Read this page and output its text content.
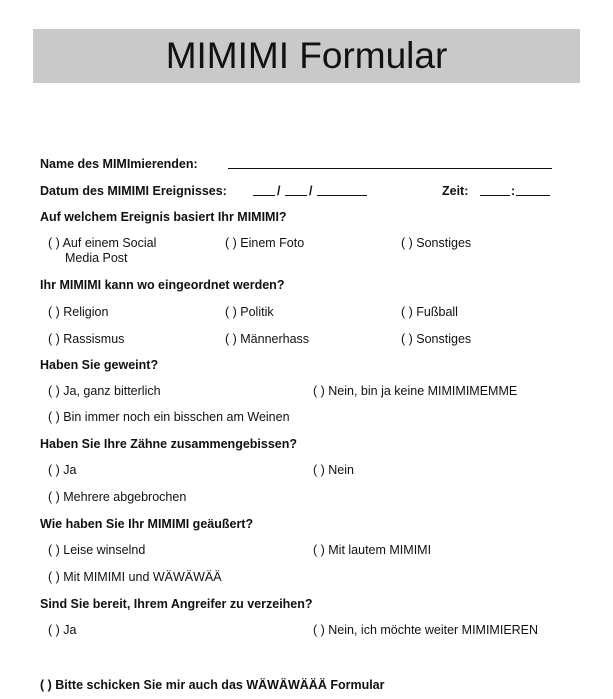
MIMIMI Formular
Name des MIMImierenden:
Datum des MIMIMI Ereignisses:	/ /	Zeit:	:
Auf welchem Ereignis basiert Ihr MIMIMI?
( ) Auf einem Social
Media Post
( ) Einem Foto	( ) Sonstiges
Ihr MIMIMI kann wo eingeordnet werden?
( ) Religion	( ) Politik	( ) Fußball
( ) Rassismus	( ) Männerhass	( ) Sonstiges
Haben Sie geweint?
( ) Ja, ganz bitterlich	( ) Nein, bin ja keine MIMIMIMEMME
( ) Bin immer noch ein bisschen am Weinen
Haben Sie Ihre Zähne zusammengebissen?
( ) Ja	( ) Nein
( ) Mehrere abgebrochen
Wie haben Sie Ihr MIMIMI geäußert?
( ) Leise winselnd	( ) Mit lautem MIMIMI
( ) Mit MIMIMI und WÄWÄWÄÄ
Sind Sie bereit, Ihrem Angreifer zu verzeihen?
( ) Ja	( ) Nein, ich möchte weiter MIMIMIEREN
( ) Bitte schicken Sie mir auch das WÄWÄWÄÄÄ Formular
